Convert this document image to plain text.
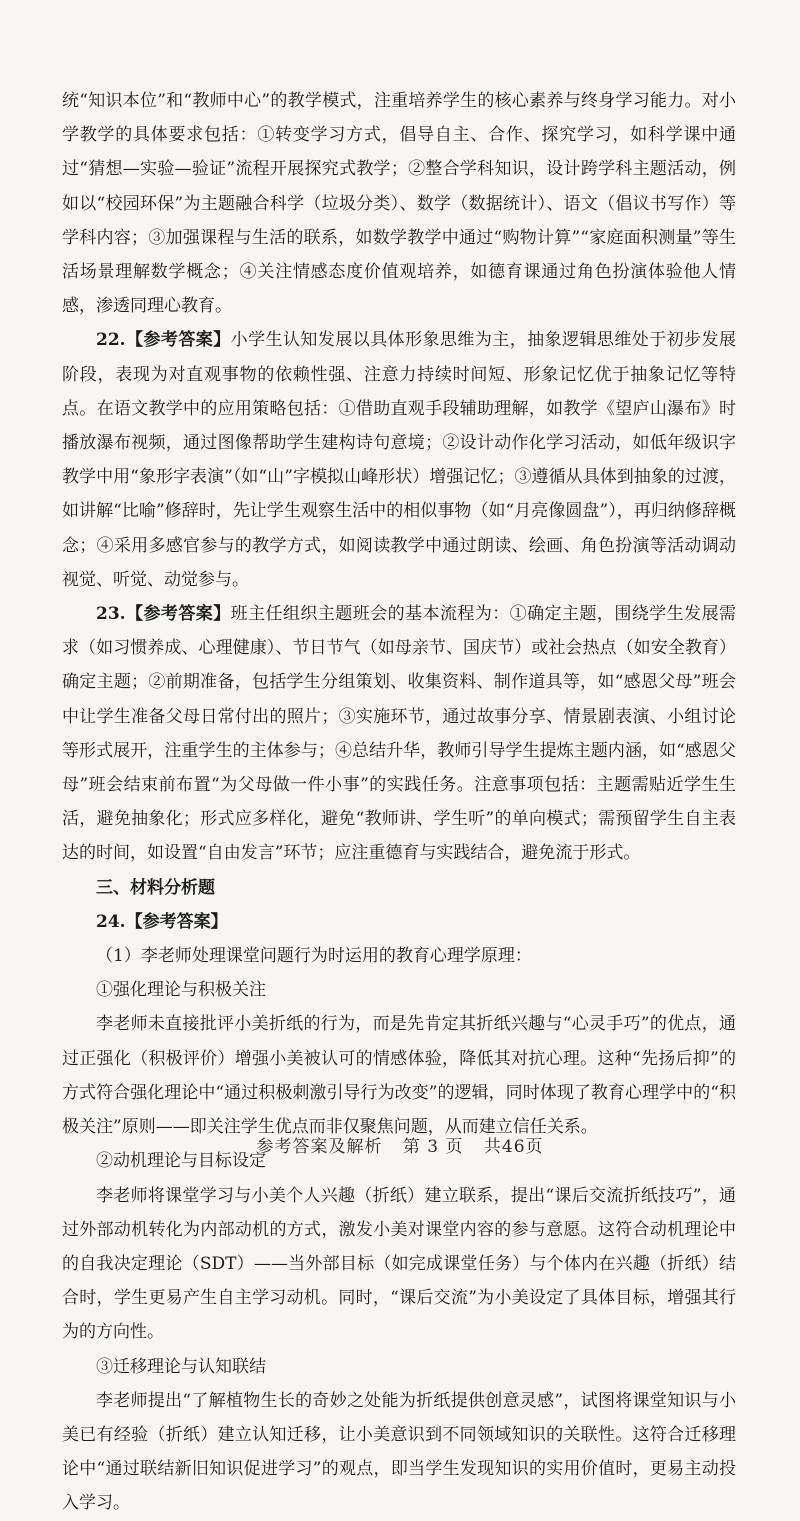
统“知识本位”和“教师中心”的教学模式，注重培养学生的核心素养与终身学习能力。对小学教学的具体要求包括：①转变学习方式，倡导自主、合作、探究学习，如科学课中通过“猜想—实验—验证”流程开展探究式教学；②整合学科知识，设计跨学科主题活动，例如以“校园环保”为主题融合科学（垃圾分类）、数学（数据统计）、语文（倡议书写作）等学科内容；③加强课程与生活的联系，如数学教学中通过“购物计算”“家庭面积测量”等生活场景理解数学概念；④关注情感态度价值观培养，如德育课通过角色扮演体验他人情感，渗透同理心教育。

22.【参考答案】小学生认知发展以具体形象思维为主，抽象逻辑思维处于初步发展阶段，表现为对直观事物的依赖性强、注意力持续时间短、形象记忆优于抽象记忆等特点。在语文教学中的应用策略包括：①借助直观手段辅助理解，如教学《望庐山瀑布》时播放瀑布视频，通过图像帮助学生建构诗句意境；②设计动作化学习活动，如低年级识字教学中用“象形字表演”（如“山”字模拟山峰形状）增强记忆；③遵循从具体到抽象的过渡，如讲解“比喻”修辞时，先让学生观察生活中的相似事物（如“月亮像圆盘”），再归纳修辞概念；④采用多感官参与的教学方式，如阅读教学中通过朗读、绘画、角色扮演等活动调动视觉、听觉、动觉参与。

23.【参考答案】班主任组织主题班会的基本流程为：①确定主题，围绕学生发展需求（如习惯养成、心理健康）、节日节气（如母亲节、国庆节）或社会热点（如安全教育）确定主题；②前期准备，包括学生分组策划、收集资料、制作道具等，如“感恩父母”班会中让学生准备父母日常付出的照片；③实施环节，通过故事分享、情景剧表演、小组讨论等形式展开，注重学生的主体参与；④总结升华，教师引导学生提炼主题内涵，如“感恩父母”班会结束前布置“为父母做一件小事”的实践任务。注意事项包括：主题需贴近学生生活，避免抽象化；形式应多样化，避免“教师讲、学生听”的单向模式；需预留学生自主表达的时间，如设置“自由发言”环节；应注重德育与实践结合，避免流于形式。

三、材料分析题

24.【参考答案】

（1）李老师处理课堂问题行为时运用的教育心理学原理：

①强化理论与积极关注

李老师未直接批评小美折纸的行为，而是先肯定其折纸兴趣与“心灵手巧”的优点，通过正强化（积极评价）增强小美被认可的情感体验，降低其对抗心理。这种“先扬后抑”的方式符合强化理论中“通过积极刺激引导行为改变”的逻辑，同时体现了教育心理学中的“积极关注”原则——即关注学生优点而非仅聚焦问题，从而建立信任关系。

②动机理论与目标设定

李老师将课堂学习与小美个人兴趣（折纸）建立联系，提出“课后交流折纸技巧”，通过外部动机转化为内部动机的方式，激发小美对课堂内容的参与意愿。这符合动机理论中的自我决定理论（SDT）——当外部目标（如完成课堂任务）与个体内在兴趣（折纸）结合时，学生更易产生自主学习动机。同时，“课后交流”为小美设定了具体目标，增强其行为的方向性。

③迁移理论与认知联结

李老师提出“了解植物生长的奇妙之处能为折纸提供创意灵感”，试图将课堂知识与小美已有经验（折纸）建立认知迁移，让小美意识到不同领域知识的关联性。这符合迁移理论中“通过联结新旧知识促进学习”的观点，即当学生发现知识的实用价值时，更易主动投入学习。

参考答案及解析 第 3 页 共46页
